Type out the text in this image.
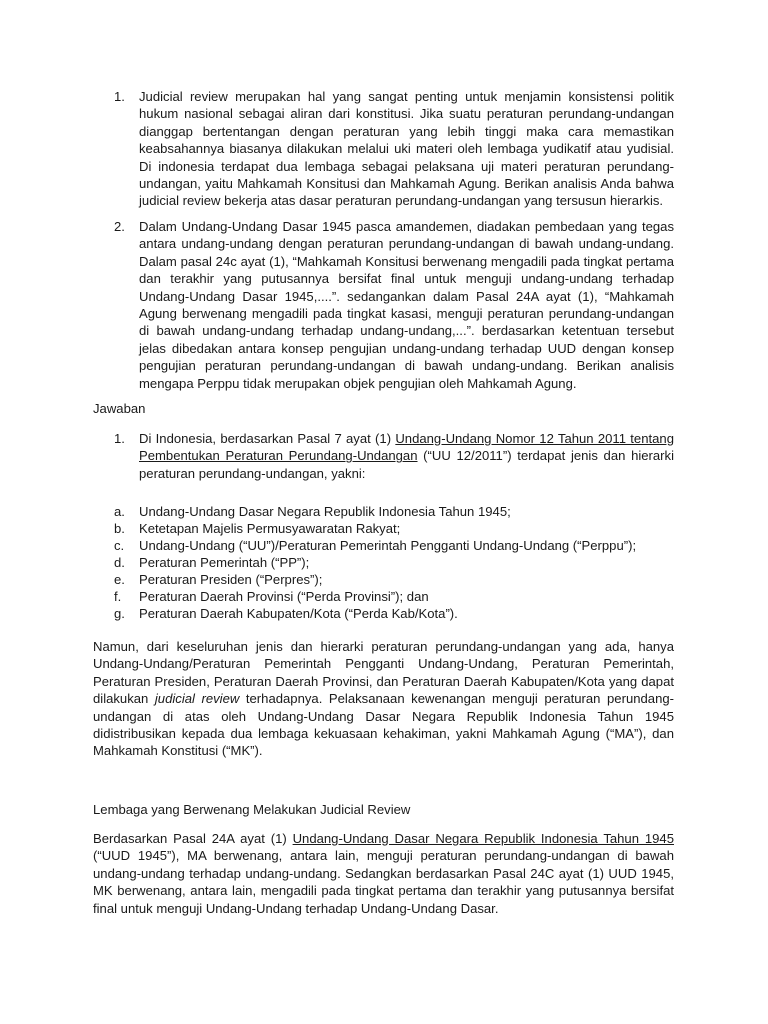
1. Judicial review merupakan hal yang sangat penting untuk menjamin konsistensi politik hukum nasional sebagai aliran dari konstitusi. Jika suatu peraturan perundang-undangan dianggap bertentangan dengan peraturan yang lebih tinggi maka cara memastikan keabsahannya biasanya dilakukan melalui uki materi oleh lembaga yudikatif atau yudisial. Di indonesia terdapat dua lembaga sebagai pelaksana uji materi peraturan perundang-undangan, yaitu Mahkamah Konsitusi dan Mahkamah Agung. Berikan analisis Anda bahwa judicial review bekerja atas dasar peraturan perundang-undangan yang tersusun hierarkis.

2. Dalam Undang-Undang Dasar 1945 pasca amandemen, diadakan pembedaan yang tegas antara undang-undang dengan peraturan perundang-undangan di bawah undang-undang. Dalam pasal 24c ayat (1), “Mahkamah Konsitusi berwenang mengadili pada tingkat pertama dan terakhir yang putusannya bersifat final untuk menguji undang-undang terhadap Undang-Undang Dasar 1945,....”. sedangankan dalam Pasal 24A ayat (1), “Mahkamah Agung berwenang mengadili pada tingkat kasasi, menguji peraturan perundang-undangan di bawah undang-undang terhadap undang-undang,...”. berdasarkan ketentuan tersebut jelas dibedakan antara konsep pengujian undang-undang terhadap UUD dengan konsep pengujian peraturan perundang-undangan di bawah undang-undang. Berikan analisis mengapa Perppu tidak merupakan objek pengujian oleh Mahkamah Agung.

Jawaban

1. Di Indonesia, berdasarkan Pasal 7 ayat (1) Undang-Undang Nomor 12 Tahun 2011 tentang Pembentukan Peraturan Perundang-Undangan (“UU 12/2011”) terdapat jenis dan hierarki peraturan perundang-undangan, yakni:

a. Undang-Undang Dasar Negara Republik Indonesia Tahun 1945;

b. Ketetapan Majelis Permusyawaratan Rakyat;

c. Undang-Undang (“UU”)/Peraturan Pemerintah Pengganti Undang-Undang (“Perppu”);

d. Peraturan Pemerintah (“PP”);

e. Peraturan Presiden (“Perpres”);

f. Peraturan Daerah Provinsi (“Perda Provinsi”); dan

g. Peraturan Daerah Kabupaten/Kota (“Perda Kab/Kota”).

Namun, dari keseluruhan jenis dan hierarki peraturan perundang-undangan yang ada, hanya Undang-Undang/Peraturan Pemerintah Pengganti Undang-Undang, Peraturan Pemerintah, Peraturan Presiden, Peraturan Daerah Provinsi, dan Peraturan Daerah Kabupaten/Kota yang dapat dilakukan judicial review terhadapnya. Pelaksanaan kewenangan menguji peraturan perundang-undangan di atas oleh Undang-Undang Dasar Negara Republik Indonesia Tahun 1945 didistribusikan kepada dua lembaga kekuasaan kehakiman, yakni Mahkamah Agung (“MA”), dan Mahkamah Konstitusi (“MK”).

Lembaga yang Berwenang Melakukan Judicial Review

Berdasarkan Pasal 24A ayat (1) Undang-Undang Dasar Negara Republik Indonesia Tahun 1945 (“UUD 1945”), MA berwenang, antara lain, menguji peraturan perundang-undangan di bawah undang-undang terhadap undang-undang. Sedangkan berdasarkan Pasal 24C ayat (1) UUD 1945, MK berwenang, antara lain, mengadili pada tingkat pertama dan terakhir yang putusannya bersifat final untuk menguji Undang-Undang terhadap Undang-Undang Dasar.
